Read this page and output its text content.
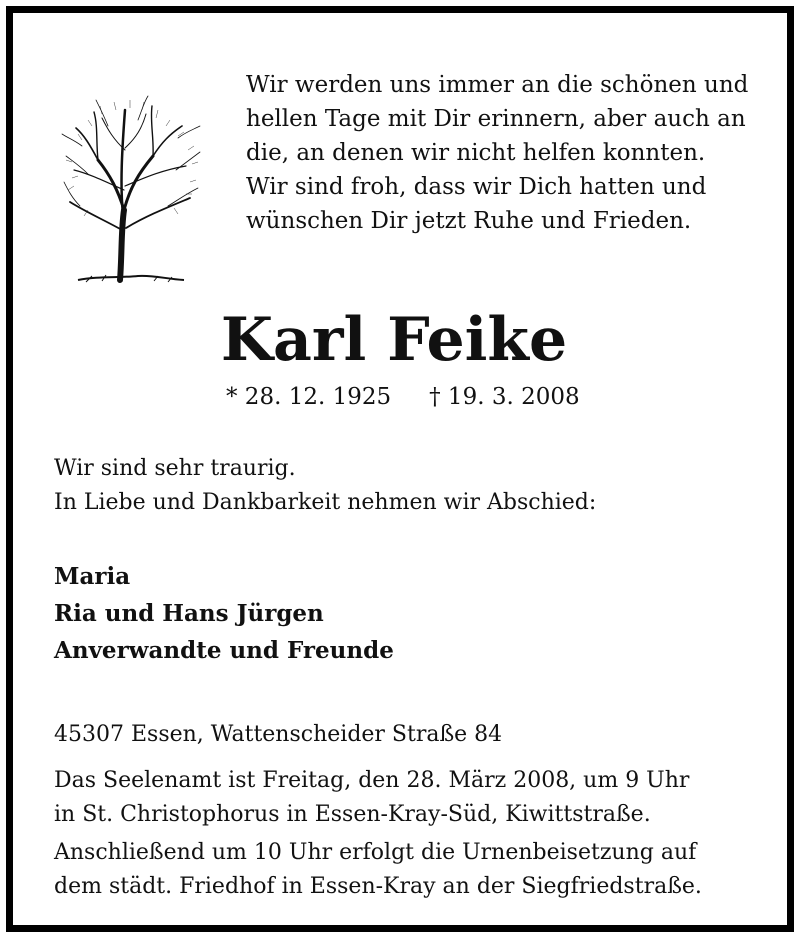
Wir werden uns immer an die schönen und
hellen Tage mit Dir erinnern, aber auch an
die, an denen wir nicht helfen konnten.
Wir sind froh, dass wir Dich hatten und
wünschen Dir jetzt Ruhe und Frieden.
Karl Feike
* 28. 12. 1925 † 19. 3. 2008
Wir sind sehr traurig.
In Liebe und Dankbarkeit nehmen wir Abschied:
Maria
Ria und Hans Jürgen
Anverwandte und Freunde
45307 Essen, Wattenscheider Straße 84
Das Seelenamt ist Freitag, den 28. März 2008, um 9 Uhr
in St. Christophorus in Essen-Kray-Süd, Kiwittstraße.
Anschließend um 10 Uhr erfolgt die Urnenbeisetzung auf
dem städt. Friedhof in Essen-Kray an der Siegfriedstraße.
